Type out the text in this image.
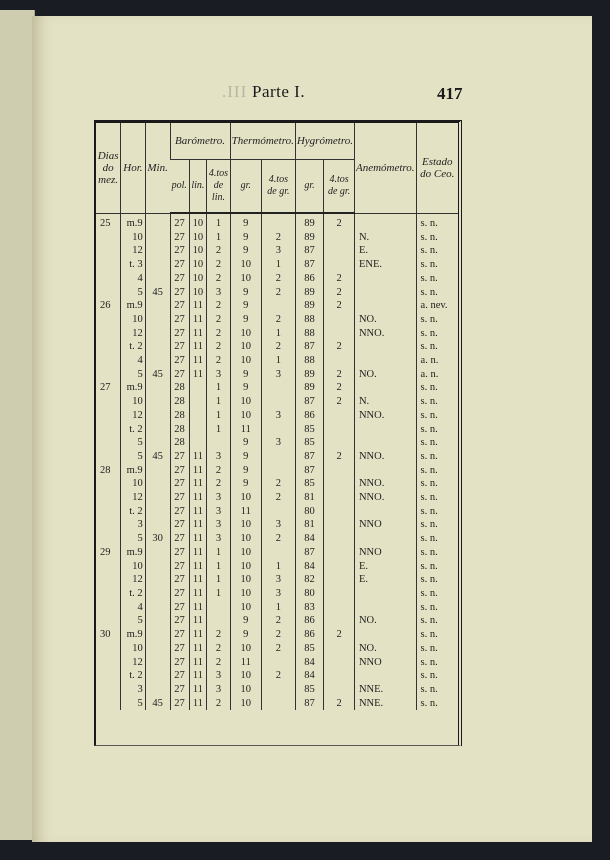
.III Parte I.	417
Dias do mez.	Hor.	Min.	Barómetro.			Thermómetro.		Hygrómetro.		Anemómetro.	Estado do Ceo.
			pol.	lin.	4.tos de lin.	gr.	4.tos de gr.	gr.	4.tos de gr.		
25	m.9		27	10	1	9		89	2		s. n.
	10		27	10	1	9	2	89		N.	s. n.
	12		27	10	2	9	3	87		E.	s. n.
	t. 3		27	10	2	10	1	87		ENE.	s. n.
	4		27	10	2	10	2	86	2		s. n.
	5	45	27	10	3	9	2	89	2		s. n.
26	m.9		27	11	2	9		89	2		a. nev.
	10		27	11	2	9	2	88		NO.	s. n.
	12		27	11	2	10	1	88		NNO.	s. n.
	t. 2		27	11	2	10	2	87	2		s. n.
	4		27	11	2	10	1	88			a. n.
	5	45	27	11	3	9	3	89	2	NO.	a. n.
27	m.9		28		1	9		89	2		s. n.
	10		28		1	10		87	2	N.	s. n.
	12		28		1	10	3	86		NNO.	s. n.
	t. 2		28		1	11		85			s. n.
	5		28			9	3	85			s. n.
	5	45	27	11	3	9		87	2	NNO.	s. n.
28	m.9		27	11	2	9		87			s. n.
	10		27	11	2	9	2	85		NNO.	s. n.
	12		27	11	3	10	2	81		NNO.	s. n.
	t. 2		27	11	3	11		80			s. n.
	3		27	11	3	10	3	81		NNO	s. n.
	5	30	27	11	3	10	2	84			s. n.
29	m.9		27	11	1	10		87		NNO	s. n.
	10		27	11	1	10	1	84		E.	s. n.
	12		27	11	1	10	3	82		E.	s. n.
	t. 2		27	11	1	10	3	80			s. n.
	4		27	11		10	1	83			s. n.
	5		27	11		9	2	86		NO.	s. n.
30	m.9		27	11	2	9	2	86	2		s. n.
	10		27	11	2	10	2	85		NO.	s. n.
	12		27	11	2	11		84		NNO	s. n.
	t. 2		27	11	3	10	2	84			s. n.
	3		27	11	3	10		85		NNE.	s. n.
	5	45	27	11	2	10		87	2	NNE.	s. n.
